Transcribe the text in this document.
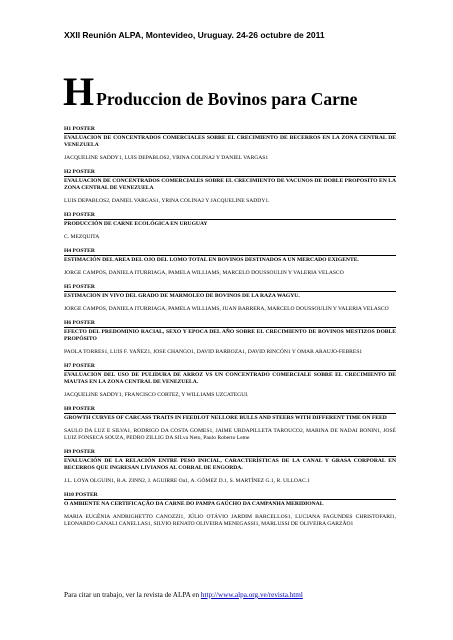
XXII Reunión ALPA, Montevideo, Uruguay. 24-26 octubre de 2011
H Produccion de Bovinos para Carne
H1 POSTER
EVALUACION DE CONCENTRADOS COMERCIALES SOBRE EL CRECIMIENTO DE BECERROS EN LA ZONA CENTRAL DE VENEZUELA
JACQUELINE SADDY1, LUIS DEPABLOS2, YRINA COLINA2 Y DANIEL VARGAS1
H2 POSTER
EVALUACION DE CONCENTRADOS COMERCIALES SOBRE EL CRECIMIENTO DE VACUNOS DE DOBLE PROPOSITO EN LA ZONA CENTRAL DE VENEZUELA
LUIS DEPABLOS2, DANIEL VARGAS1, YRINA COLINA2 Y JACQUELINE SADDY1.
H3 POSTER
PRODUCCIÓN DE CARNE ECOLÓGICA EN URUGUAY
C. MEZQUITA
H4 POSTER
ESTIMACIÓN DEL AREA DEL OJO DEL LOMO TOTAL EN BOVINOS DESTINADOS A UN MERCADO EXIGENTE.
JORGE CAMPOS, DANIELA ITURRIAGA, PAMELA WILLIAMS, MARCELO DOUSSOULIN Y VALERIA VELASCO
H5 POSTER
ESTIMACION IN VIVO DEL GRADO DE MARMOLEO DE BOVINOS DE LA RAZA WAGYU.
JORGE CAMPOS, DANIELA ITURRIAGA, PAMELA WILLIAMS, JUAN BARRERA, MARCELO DOUSSOULIN Y VALERIA VELASCO
H6 POSTER
EFECTO DEL PREDOMINIO RACIAL, SEXO Y EPOCA DEL AÑO SOBRE EL CRECIMIENTO DE BOVINOS MESTIZOS DOBLE PROPÓSITO
PAOLA TORRES1, LUIS F. YAÑEZ1, JOSE CHANGO1, DAVID BARBOZA1, DAVID RINCÓN1 Y OMAR ARAUJO-FEBRES1
H7 POSTER
EVALUACION DEL USO DE PULIDURA DE ARROZ VS UN CONCENTRADO COMERCIALE SOBRE EL CRECIMIENTO DE MAUTAS EN LA ZONA CENTRAL DE VENEZUELA.
JACQUELINE SADDY1, FRANCISCO CORTEZ, Y WILLIAMS UZCATEGUI.
H8 POSTER
GROWTH CURVES OF CARCASS TRAITS IN FEEDLOT NELLORE BULLS AND STEERS WITH DIFFERENT TIME ON FEED
SAULO DA LUZ E SILVA1, RODRIGO DA COSTA GOMES1, JAIME URDAPILLETA TAROUCO2, MARINA DE NADAI BONIN1, JOSÉ LUIZ FONSECA SOUZA, PEDRO ZILLIG DA SILva Neto, Paulo Roberto Leme
H9 POSTER
EVALUACIÓN DE LA RELACIÓN ENTRE PESO INICIAL, CARACTERÍSTICAS DE LA CANAL Y GRASA CORPORAL EN BECERROS QUE INGRESAN LIVIANOS AL CORRAL DE ENGORDA.
J.L. LOYA OLGUIN1, R.A. ZINN2, J. AGUIRRE Oa1, A. GÓMEZ D.1, S. MARTÍNEZ G.1, R. ULLOAC.1
H10 POSTER
O AMBIENTE NA CERTIFICAÇÃO DA CARNE DO PAMPA GAÚCHO DA CAMPANHA MERIDIONAL
MARIA EUGÊNIA ANDRIGHETTO CANOZZI1, JÚLIO OTÁVIO JARDIM BARCELLOS1, LUCIANA FAGUNDES CHRISTOFARI1, LEONARDO CANALI CANELLAS1, SILVIO RENATO OLIVEIRA MENEGASSI1, MARLUSSI DE OLIVEIRA GARZÃO1
Para citar un trabajo, ver la revista de ALPA en http://www.alpa.org.ve/revista.html
